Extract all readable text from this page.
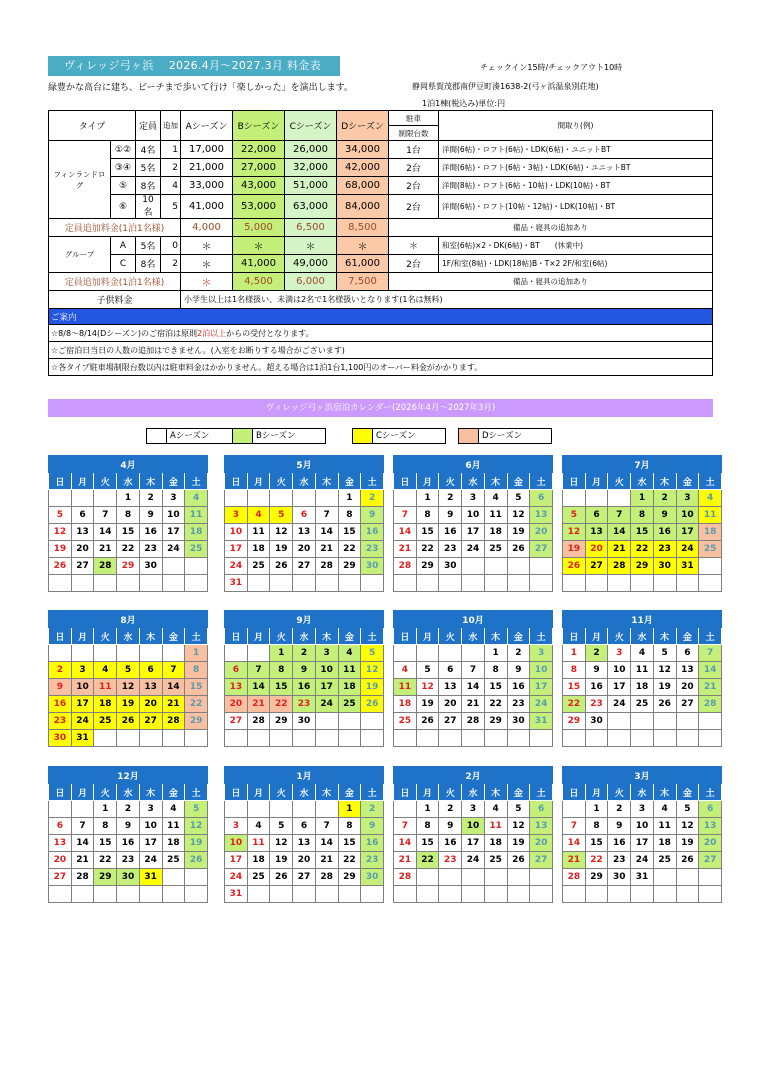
ヴィレッジ弓ヶ浜　 2026.4月～2027.3月 料金表
緑豊かな高台に建ち、ビーチまで歩いて行け「楽しかった」を演出します。
チェックイン15時/チェックアウト10時
静岡県賀茂郡南伊豆町湊1638-2(弓ヶ浜温泉別荘地)
1泊1棟(税込み)単位:円
タイプ		定員	追加	Aシーズン	Bシーズン	Cシーズン	Dシーズン	駐車	間取り(例)
								制限台数	
フィンランドログ	①②	4名	1	17,000	22,000	26,000	34,000	1台	洋間(6帖)・ロフト(6帖)・LDK(6帖)・ユニットBT
	③④	5名	2	21,000	27,000	32,000	42,000	2台	洋間(6帖)・ロフト(6帖・3帖)・LDK(6帖)・ユニットBT
	⑤	8名	4	33,000	43,000	51,000	68,000	2台	洋間(8帖)・ロフト(6帖・10帖)・LDK(10帖)・BT
	⑥	10名	5	41,000	53,000	63,000	84,000	2台	洋間(6帖)・ロフト(10帖・12帖)・LDK(10帖)・BT
定員追加料金(1泊1名様)				4,000	5,000	6,500	8,500	備品・寝具の追加あり	
グループ	A	5名	0	＊	＊	＊	＊	＊	和室(6帖)×2・DK(6帖)・BT　　(休業中)
	C	8名	2	＊	41,000	49,000	61,000	2台	1F/和室(8帖)・LDK(18帖)B・T×2 2F/和室(6帖)
定員追加料金(1泊1名様)				＊	4,500	6,000	7,500	備品・寝具の追加あり	
子供料金				小学生以上は1名様扱い、未満は2名で1名様扱いとなります(1名は無料)					
ご案内									
☆8/8～8/14(Dシーズン)のご宿泊は原則2泊以上からの受付となります。									
☆ご宿泊日当日の人数の追加はできません。(入室をお断りする場合がございます)									
☆各タイプ駐車場制限台数以内は駐車料金はかかりません。超える場合は1泊1台1,100円のオーバー料金がかかります。									
ヴィレッジ弓ヶ浜宿泊カレンダー(2026年4月～2027年3月)
Aシーズン	Bシーズン	Cシーズン	Dシーズン
4月						
日	月	火	水	木	金	土
			1	2	3	4
5	6	7	8	9	10	11
12	13	14	15	16	17	18
19	20	21	22	23	24	25
26	27	28	29	30		

5月						
日	月	火	水	木	金	土
					1	2
3	4	5	6	7	8	9
10	11	12	13	14	15	16
17	18	19	20	21	22	23
24	25	26	27	28	29	30
31						
6月						
日	月	火	水	木	金	土
	1	2	3	4	5	6
7	8	9	10	11	12	13
14	15	16	17	18	19	20
21	22	23	24	25	26	27
28	29	30				

7月						
日	月	火	水	木	金	土
			1	2	3	4
5	6	7	8	9	10	11
12	13	14	15	16	17	18
19	20	21	22	23	24	25
26	27	28	29	30	31	

8月						
日	月	火	水	木	金	土
						1
2	3	4	5	6	7	8
9	10	11	12	13	14	15
16	17	18	19	20	21	22
23	24	25	26	27	28	29
30	31					
9月						
日	月	火	水	木	金	土
		1	2	3	4	5
6	7	8	9	10	11	12
13	14	15	16	17	18	19
20	21	22	23	24	25	26
27	28	29	30			

10月						
日	月	火	水	木	金	土
				1	2	3
4	5	6	7	8	9	10
11	12	13	14	15	16	17
18	19	20	21	22	23	24
25	26	27	28	29	30	31

11月						
日	月	火	水	木	金	土
1	2	3	4	5	6	7
8	9	10	11	12	13	14
15	16	17	18	19	20	21
22	23	24	25	26	27	28
29	30					

12月						
日	月	火	水	木	金	土
		1	2	3	4	5
6	7	8	9	10	11	12
13	14	15	16	17	18	19
20	21	22	23	24	25	26
27	28	29	30	31		

1月						
日	月	火	水	木	金	土
					1	2
3	4	5	6	7	8	9
10	11	12	13	14	15	16
17	18	19	20	21	22	23
24	25	26	27	28	29	30
31						
2月						
日	月	火	水	木	金	土
	1	2	3	4	5	6
7	8	9	10	11	12	13
14	15	16	17	18	19	20
21	22	23	24	25	26	27
28						

3月						
日	月	火	水	木	金	土
	1	2	3	4	5	6
7	8	9	10	11	12	13
14	15	16	17	18	19	20
21	22	23	24	25	26	27
28	29	30	31			
